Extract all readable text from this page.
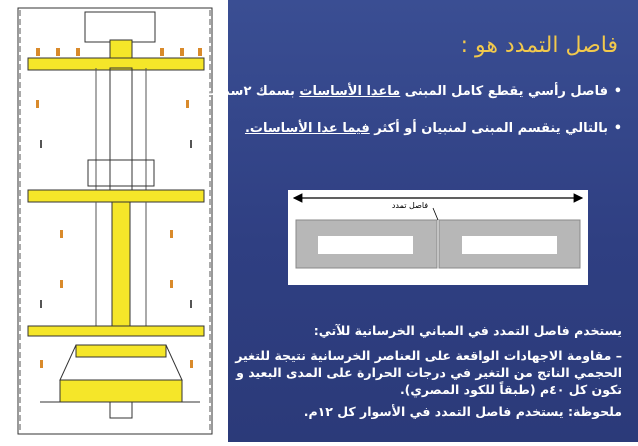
فاصل التمدد هو :
•فاصل رأسي يقطع كامل المبنى ماعدا الأساسات بسمك ٢سم تقريباً.
•بالتالي ينقسم المبنى لمنبيان أو أكثر فيما عدا الأساسات.
فاصل تمدد
يستخدم فاصل التمدد في المباني الخرسانية للآتي:
– مقاومة الاجهادات الواقعة على العناصر الخرسانية نتيجة للتغير الحجمي الناتج من التغير في درجات الحرارة على المدى البعيد و تكون كل ٤٠م (طبقاً للكود المصري).
ملحوظة: يستخدم فاصل التمدد في الأسوار كل ١٢م.
